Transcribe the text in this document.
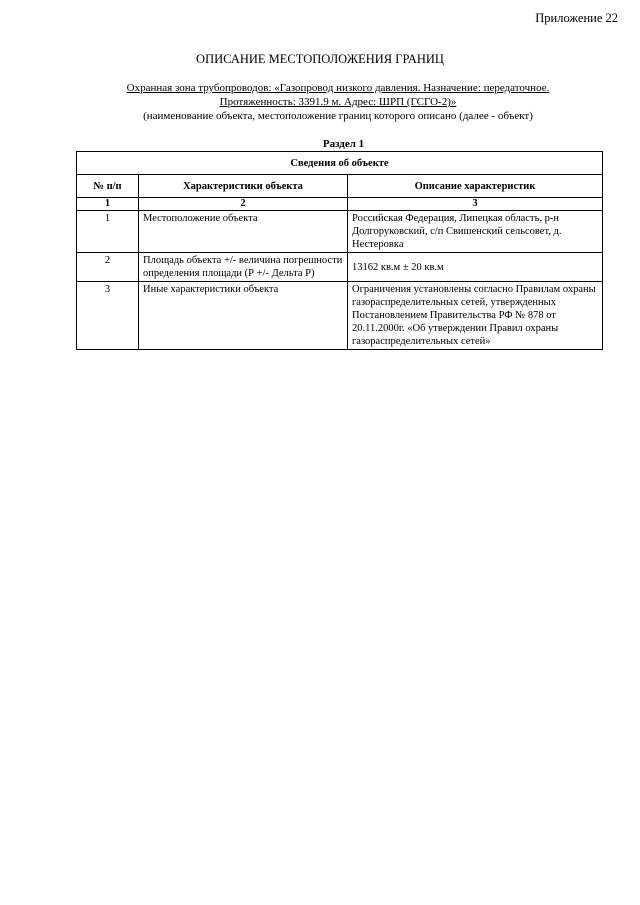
Приложение 22
ОПИСАНИЕ МЕСТОПОЛОЖЕНИЯ ГРАНИЦ
Охранная зона трубопроводов: «Газопровод низкого давления. Назначение: передаточное.
Протяженность: 3391.9 м. Адрес: ШРП (ГСГО-2)»
(наименование объекта, местоположение границ которого описано (далее - объект)
Раздел 1
Сведения об объекте		
№ п/п	Характеристики объекта	Описание характеристик
1	2	3
1	Местоположение объекта	Российская Федерация, Липецкая область, р-н Долгоруковский, с/п Свишенский сельсовет, д. Нестеровка
2	Площадь объекта +/- величина погрешности определения площади (Р +/- Дельта Р)	13162 кв.м ± 20 кв.м
3	Иные характеристики объекта	Ограничения установлены согласно Правилам охраны газораспределительных сетей, утвержденных Постановлением Правительства РФ № 878 от 20.11.2000г. «Об утверждении Правил охраны газораспределительных сетей»
